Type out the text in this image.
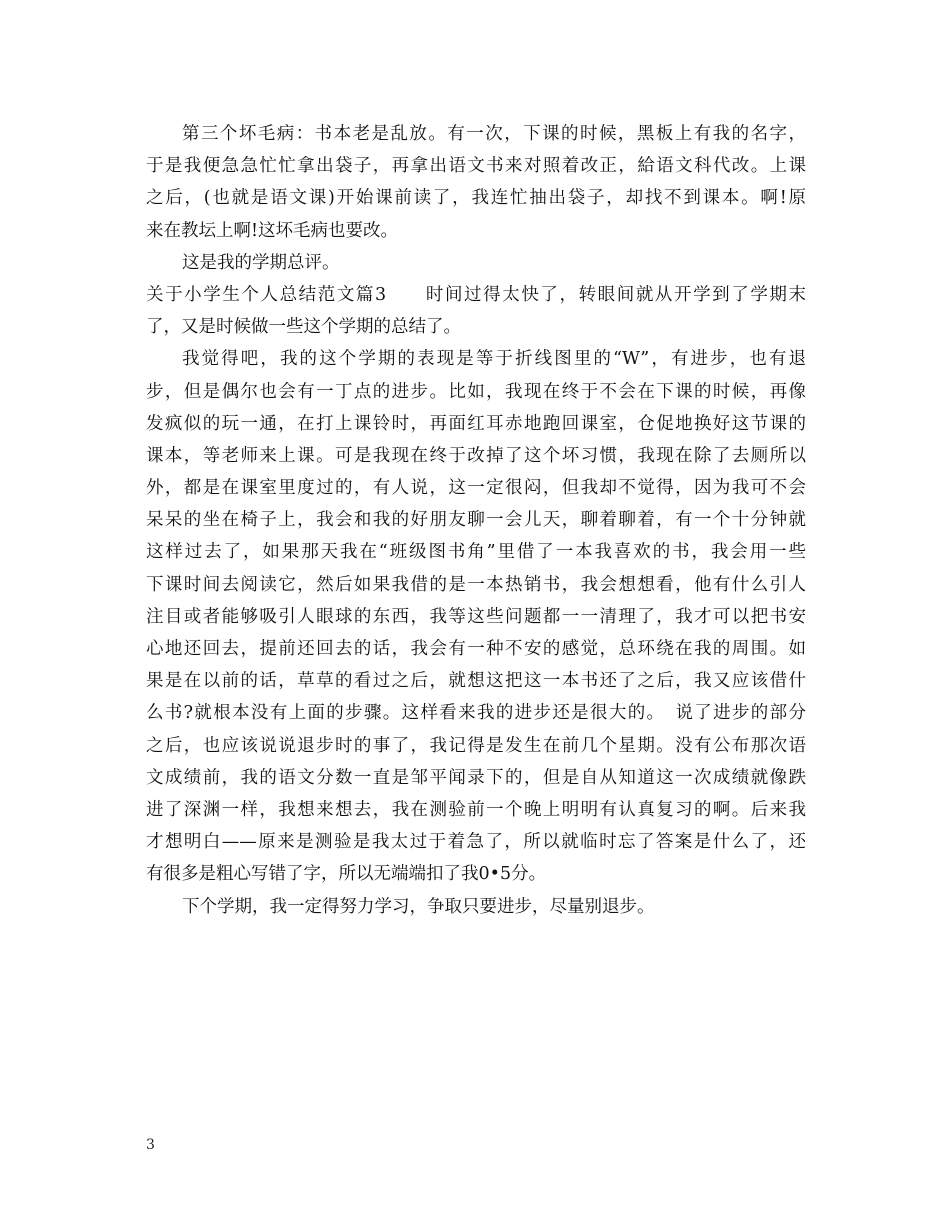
第三个坏毛病：书本老是乱放。有一次，下课的时候，黑板上有我的名字，
于是我便急急忙忙拿出袋子，再拿出语文书来对照着改正，給语文科代改。上课
之后，(也就是语文课)开始课前读了，我连忙抽出袋子，却找不到课本。啊!原
来在教坛上啊!这坏毛病也要改。
这是我的学期总评。
关于小学生个人总结范文篇3　　时间过得太快了，转眼间就从开学到了学期末
了，又是时候做一些这个学期的总结了。
我觉得吧，我的这个学期的表现是等于折线图里的“W”，有进步，也有退
步，但是偶尔也会有一丁点的进步。比如，我现在终于不会在下课的时候，再像
发疯似的玩一通，在打上课铃时，再面红耳赤地跑回课室，仓促地换好这节课的
课本，等老师来上课。可是我现在终于改掉了这个坏习惯，我现在除了去厕所以
外，都是在课室里度过的，有人说，这一定很闷，但我却不觉得，因为我可不会
呆呆的坐在椅子上，我会和我的好朋友聊一会儿天，聊着聊着，有一个十分钟就
这样过去了，如果那天我在“班级图书角”里借了一本我喜欢的书，我会用一些
下课时间去阅读它，然后如果我借的是一本热销书，我会想想看，他有什么引人
注目或者能够吸引人眼球的东西，我等这些问题都一一清理了，我才可以把书安
心地还回去，提前还回去的话，我会有一种不安的感觉，总环绕在我的周围。如
果是在以前的话，草草的看过之后，就想这把这一本书还了之后，我又应该借什
么书?就根本没有上面的步骤。这样看来我的进步还是很大的。　说了进步的部分
之后，也应该说说退步时的事了，我记得是发生在前几个星期。没有公布那次语
文成绩前，我的语文分数一直是邹平闻录下的，但是自从知道这一次成绩就像跌
进了深渊一样，我想来想去，我在测验前一个晚上明明有认真复习的啊。后来我
才想明白——原来是测验是我太过于着急了，所以就临时忘了答案是什么了，还
有很多是粗心写错了字，所以无端端扣了我0•5分。
下个学期，我一定得努力学习，争取只要进步，尽量别退步。
3
